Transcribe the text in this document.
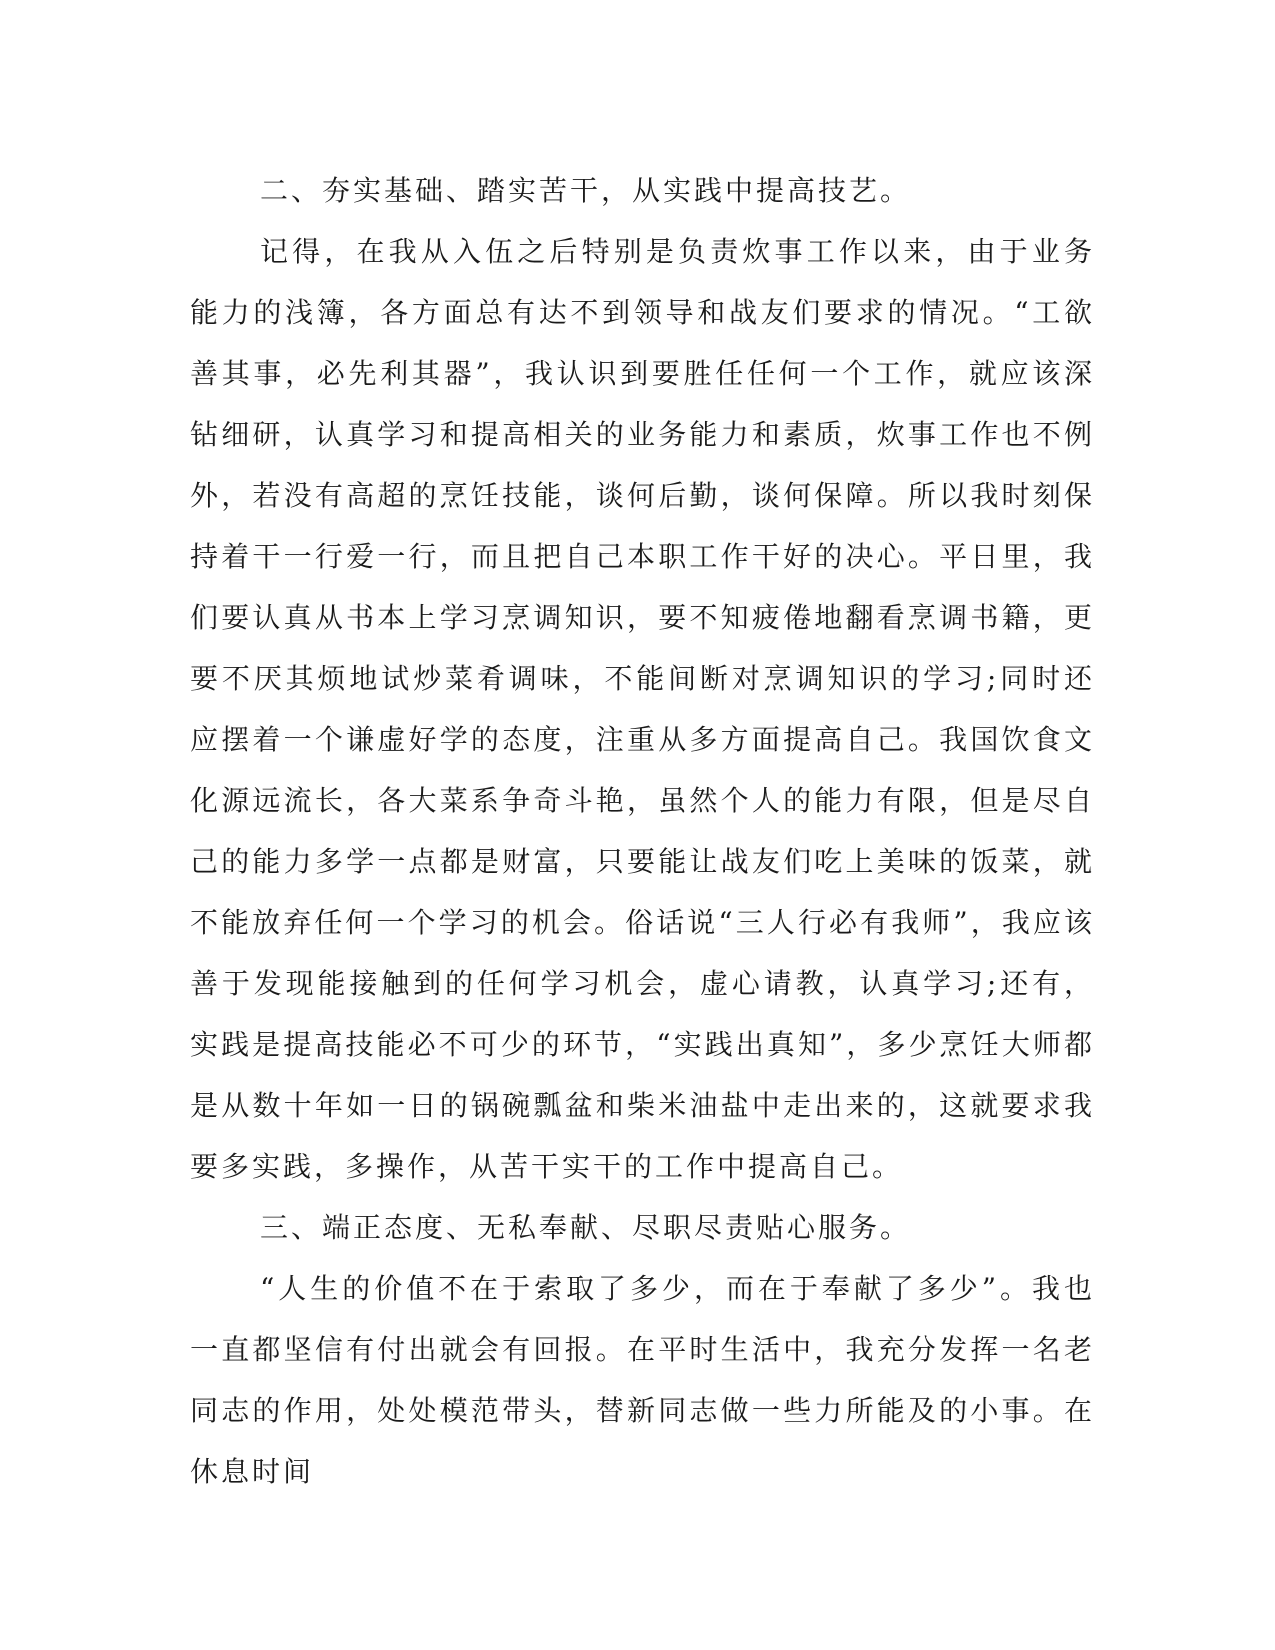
二、夯实基础、踏实苦干，从实践中提高技艺。

记得，在我从入伍之后特别是负责炊事工作以来，由于业务能力的浅簿，各方面总有达不到领导和战友们要求的情况。“工欲善其事，必先利其器”，我认识到要胜任任何一个工作，就应该深钻细研，认真学习和提高相关的业务能力和素质，炊事工作也不例外，若没有高超的烹饪技能，谈何后勤，谈何保障。所以我时刻保持着干一行爱一行，而且把自己本职工作干好的决心。平日里，我们要认真从书本上学习烹调知识，要不知疲倦地翻看烹调书籍，更要不厌其烦地试炒菜肴调味，不能间断对烹调知识的学习;同时还应摆着一个谦虚好学的态度，注重从多方面提高自己。我国饮食文化源远流长，各大菜系争奇斗艳，虽然个人的能力有限，但是尽自己的能力多学一点都是财富，只要能让战友们吃上美味的饭菜，就不能放弃任何一个学习的机会。俗话说“三人行必有我师”，我应该善于发现能接触到的任何学习机会，虚心请教，认真学习;还有，实践是提高技能必不可少的环节，“实践出真知”，多少烹饪大师都是从数十年如一日的锅碗瓢盆和柴米油盐中走出来的，这就要求我要多实践，多操作，从苦干实干的工作中提高自己。

三、端正态度、无私奉献、尽职尽责贴心服务。

“人生的价值不在于索取了多少，而在于奉献了多少”。我也一直都坚信有付出就会有回报。在平时生活中，我充分发挥一名老同志的作用，处处模范带头，替新同志做一些力所能及的小事。在休息时间
